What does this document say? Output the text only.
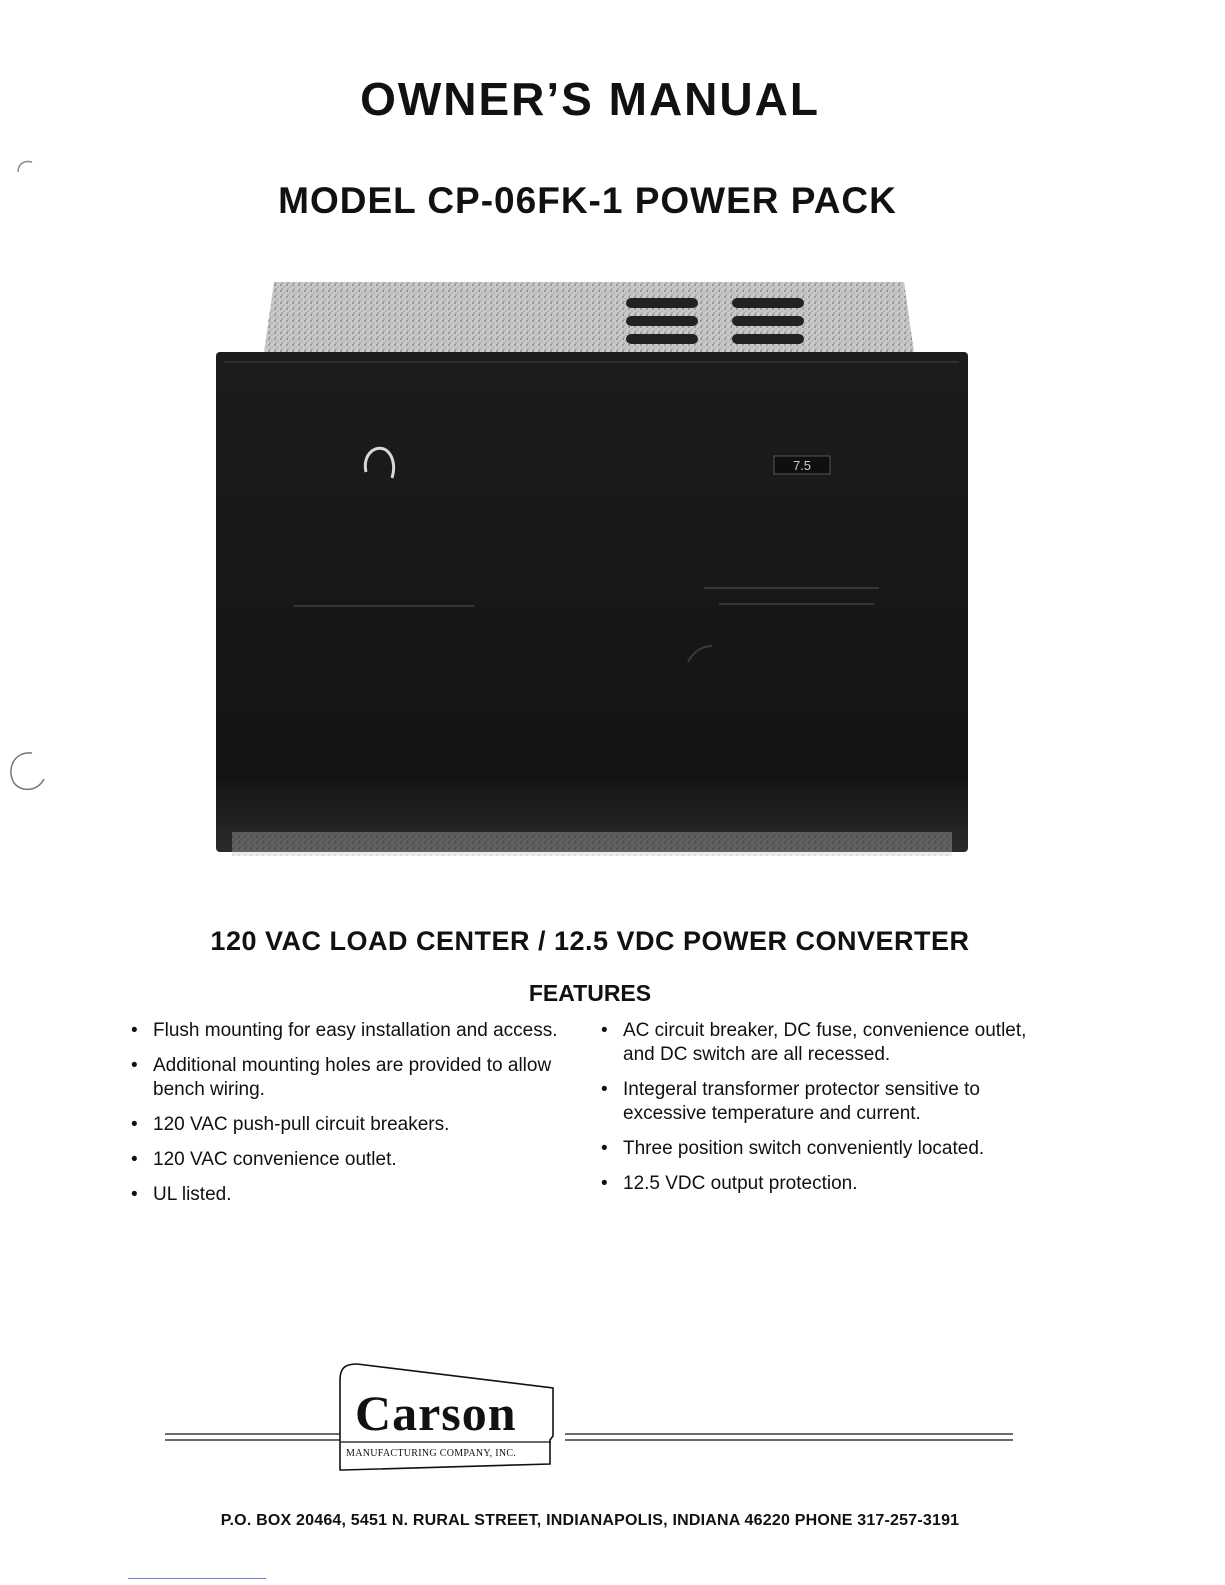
OWNER’S MANUAL
MODEL CP-06FK-1 POWER PACK
7.5
120 VAC LOAD CENTER / 12.5 VDC POWER CONVERTER
FEATURES
• Flush mounting for easy installation and access.
• Additional mounting holes are provided to allow bench wiring.
• 120 VAC push-pull circuit breakers.
• 120 VAC convenience outlet.
• UL listed.
• AC circuit breaker, DC fuse, convenience outlet, and DC switch are all recessed.
• Integeral transformer protector sensitive to excessive temperature and current.
• Three position switch conveniently located.
• 12.5 VDC output protection.
Carson
MANUFACTURING COMPANY, INC.
P.O. BOX 20464, 5451 N. RURAL STREET, INDIANAPOLIS, INDIANA 46220 PHONE 317-257-3191
